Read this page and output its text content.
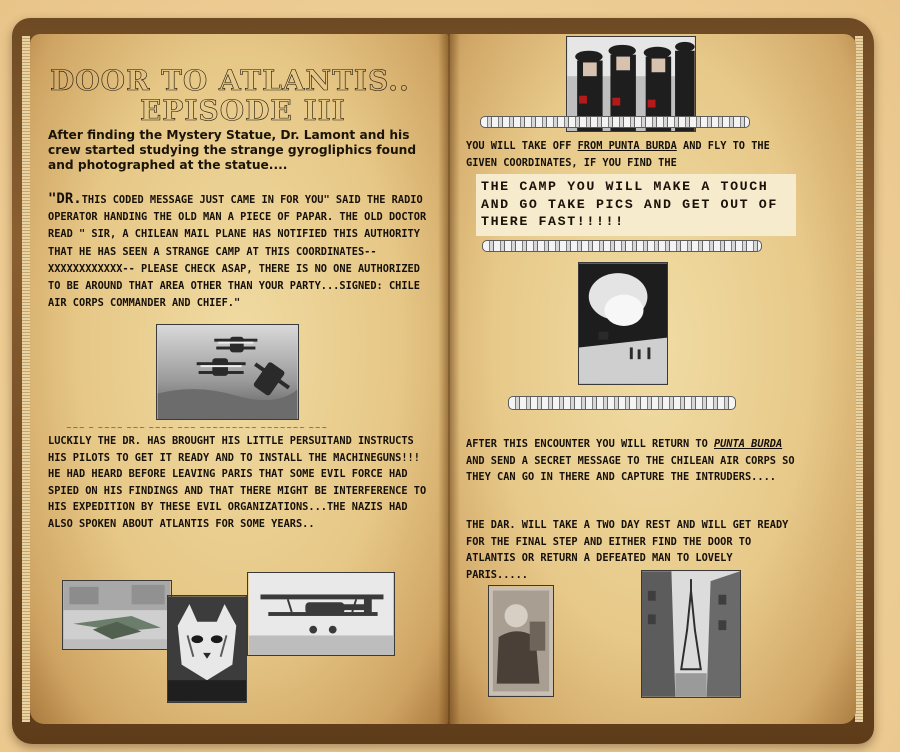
DOOR TO ATLANTIS..
EPISODE III
After finding the Mystery Statue, Dr. Lamont and his crew started studying the strange gyrogliphics found and photographed at the statue....
"DR.THIS CODED MESSAGE JUST CAME IN FOR YOU" SAID THE RADIO OPERATOR HANDING THE OLD MAN A PIECE OF PAPAR. THE OLD DOCTOR READ " SIR, A CHILEAN MAIL PLANE HAS NOTIFIED THIS AUTHORITY THAT HE HAS SEEN A STRANGE CAMP AT THIS COORDINATES--XXXXXXXXXXXX-- PLEASE CHECK ASAP, THERE IS NO ONE AUTHORIZED TO BE AROUND THAT AREA OTHER THAN YOUR PARTY...SIGNED: CHILE AIR CORPS COMMANDER AND CHIEF."
~~~ ~ ~~~~ ~~~ ~~~~ ~~~ ~~~~~~~~~ ~~~~~~~ ~~~
LUCKILY THE DR. HAS BROUGHT HIS LITTLE PERSUITAND INSTRUCTS HIS PILOTS TO GET IT READY AND TO INSTALL THE MACHINEGUNS!!!
HE HAD HEARD BEFORE LEAVING PARIS THAT SOME EVIL FORCE HAD SPIED ON HIS FINDINGS AND THAT THERE MIGHT BE INTERFERENCE TO HIS EXPEDITION BY THESE EVIL ORGANIZATIONS...THE NAZIS HAD ALSO SPOKEN ABOUT ATLANTIS FOR SOME YEARS..
YOU WILL TAKE OFF FROM PUNTA BURDA AND FLY TO THE GIVEN COORDINATES, IF YOU FIND THE
THE CAMP YOU WILL MAKE A TOUCH AND GO TAKE PICS AND GET OUT OF THERE FAST!!!!!
AFTER THIS ENCOUNTER YOU WILL RETURN TO PUNTA BURDA AND SEND A SECRET MESSAGE TO THE CHILEAN AIR CORPS SO THEY CAN GO IN THERE AND CAPTURE THE INTRUDERS....
THE DAR. WILL TAKE A TWO DAY REST AND WILL GET READY FOR THE FINAL STEP AND EITHER FIND THE DOOR TO ATLANTIS OR RETURN A DEFEATED MAN TO LOVELY PARIS.....
